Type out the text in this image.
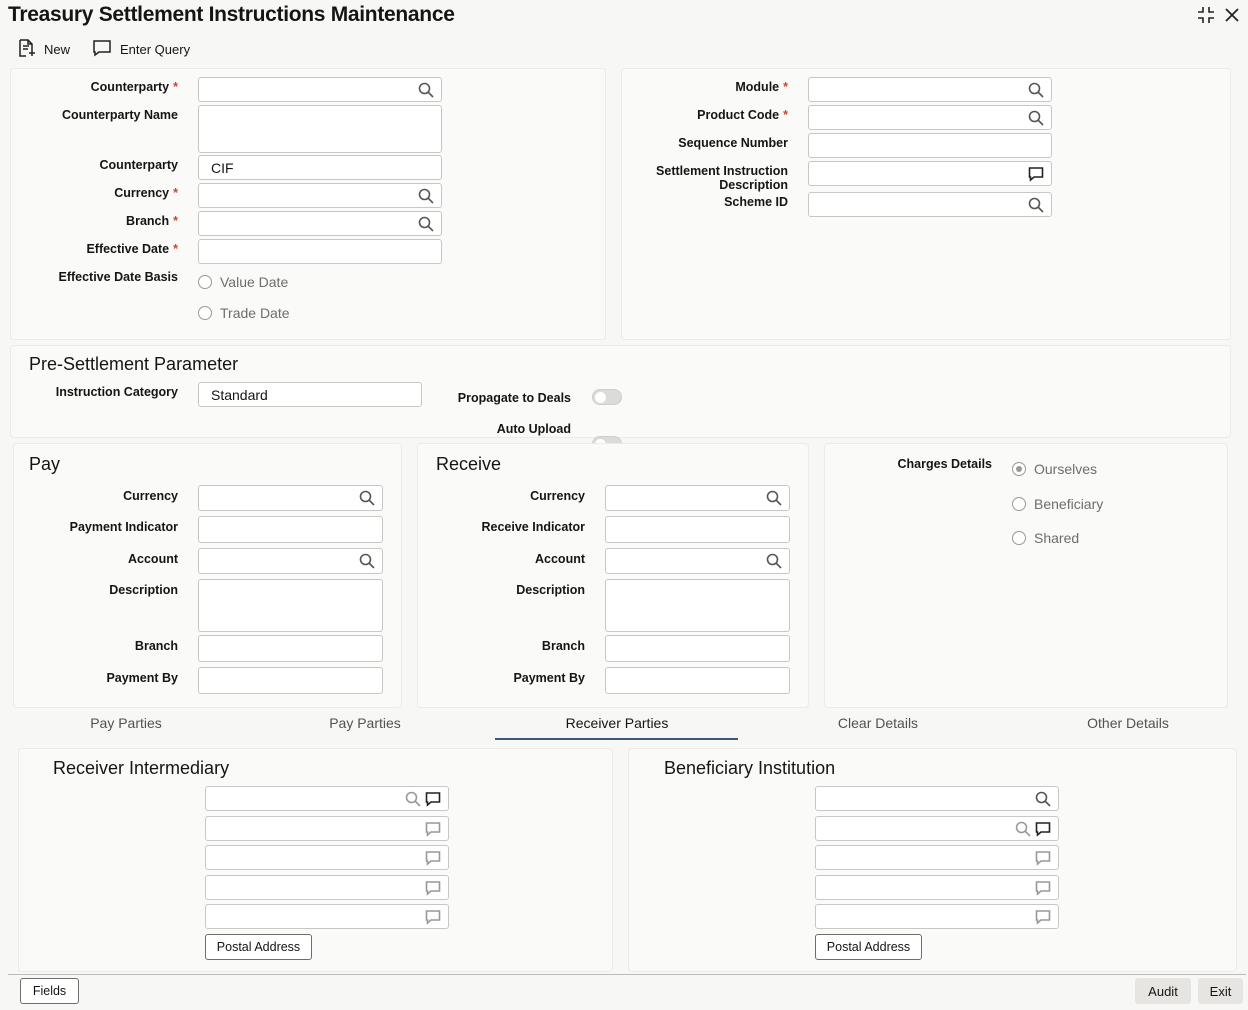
Treasury Settlement Instructions Maintenance
New	Enter Query
Counterparty *
Counterparty Name
Counterparty	CIF
Currency *
Branch *
Effective Date *
Effective Date Basis	Value Date
Trade Date
Module *
Product Code *
Sequence Number
Settlement Instruction
Description
Scheme ID
Pre-Settlement Parameter
Instruction Category	Standard	Propagate to Deals
Auto Upload
Pay
Currency
Payment Indicator
Account
Description
Branch
Payment By
Receive
Currency
Receive Indicator
Account
Description
Branch
Payment By
Charges Details	Ourselves
Beneficiary
Shared
Pay Parties	Pay Parties	Receiver Parties	Clear Details	Other Details
Receiver Intermediary
Postal Address
Beneficiary Institution
Postal Address
Fields	Audit	Exit
